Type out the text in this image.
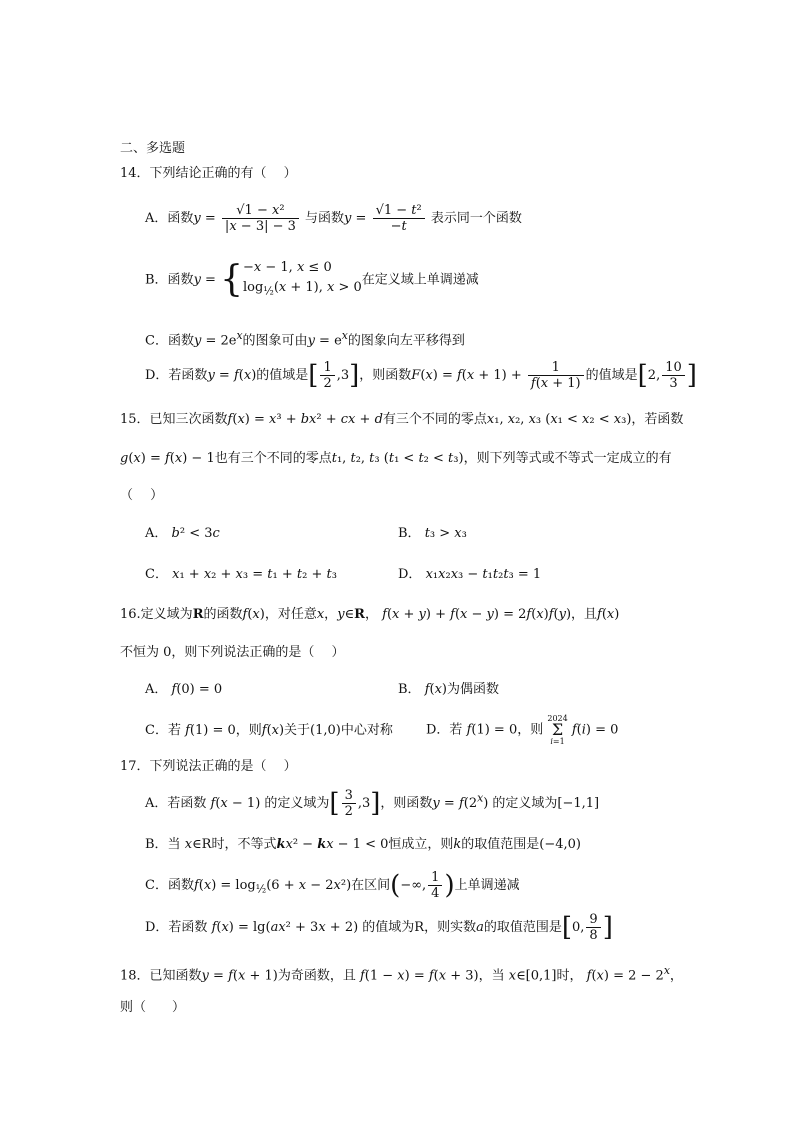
二、多选题
14．下列结论正确的有（　 ）
A．函数$y = \frac{\text{√1 − x²}}{|x - 3| - 3}$ 与函数$y = \frac{\text{√1 − t²}}{-t}$ 表示同一个函数
B．函数y = {−x − 1, x ≤ 0
$\log_{\frac{1}{2}}(x + 1)$, x > 0在定义域上单调递减
C．函数$y = 2e^x$的图象可由$y = e^x$的图象向左平移得到
D．若函数y = f(x)的值域是[ $\frac{1}{2} ,3$]，则函数$F(x) = f(x + 1) + \frac{1}{f(x + 1)}$ 的值域是[2, $\frac{10}{3}$ ]
15．已知三次函数f(x) = x³ + bx² + cx + d有三个不同的零点x₁, x₂, x₃ (x₁ < x₂ < x₃)，若函数
g(x) = f(x) − 1也有三个不同的零点t₁, t₂, t₃ (t₁ < t₂ < t₃)，则下列等式或不等式一定成立的有
（　 ）
A． b² < 3c	B． t₃ > x₃
C． x₁ + x₂ + x₃ = t₁ + t₂ + t₃	D． x₁x₂x₃ − t₁t₂t₃ = 1
16.定义域为R的函数f(x)，对任意x，y∈R， f(x + y) + f(x − y) = 2f(x)f(y)，且f(x)
不恒为 0，则下列说法正确的是（　 ）
A． f(0) = 0	B． f(x)为偶函数
C．若 f(1) = 0，则f(x)关于(1,0)中心对称	D．若 f(1) = 0，则 2024
Σ
i=1 f(i) = 0
17．下列说法正确的是（　 ）
A．若函数 f(x − 1) 的定义域为[ $\frac{3}{2} ,3$]，则函数$y = f(2^x)$ 的定义域为[−1,1]
B．当 x∈R时，不等式kx² − kx − 1 < 0恒成立，则k的取值范围是(−4,0)
C．函数$f(x) = \log_{\frac{1}{2}}(6 + x - 2x^2)$在区间(−∞, $\frac{1}{4}$ )上单调递减
D．若函数 f(x) = lg(ax² + 3x + 2) 的值域为R，则实数a的取值范围是[0, $\frac{9}{8}$ ]
18．已知函数y = f(x + 1)为奇函数，且 f(1 − x) = f(x + 3)，当 x∈[0,1]时， $f(x) = 2 - 2^x$，
则（　　）
